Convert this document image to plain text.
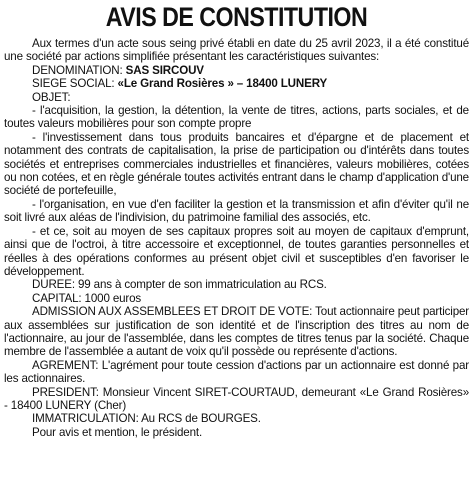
AVIS DE CONSTITUTION

Aux termes d'un acte sous seing privé établi en date du 25 avril 2023, il a été constitué une société par actions simplifiée présentant les caractéristiques suivantes:

DENOMINATION: SAS SIRCOUV

SIEGE SOCIAL: «Le Grand Rosières » – 18400 LUNERY

OBJET:

- l'acquisition, la gestion, la détention, la vente de titres, actions, parts sociales, et de toutes valeurs mobilières pour son compte propre

- l'investissement dans tous produits bancaires et d'épargne et de placement et notamment des contrats de capitalisation, la prise de participation ou d'intérêts dans toutes sociétés et entreprises commerciales industrielles et financières, valeurs mobilières, cotées ou non cotées, et en règle générale toutes activités entrant dans le champ d'application d'une société de portefeuille,

- l'organisation, en vue d'en faciliter la gestion et la transmission et afin d'éviter qu'il ne soit livré aux aléas de l'indivision, du patrimoine familial des associés, etc.

- et ce, soit au moyen de ses capitaux propres soit au moyen de capitaux d'emprunt, ainsi que de l'octroi, à titre accessoire et exceptionnel, de toutes garanties personnelles et réelles à des opérations conformes au présent objet civil et susceptibles d'en favoriser le développement.

DUREE: 99 ans à compter de son immatriculation au RCS.

CAPITAL: 1000 euros

ADMISSION AUX ASSEMBLEES ET DROIT DE VOTE: Tout actionnaire peut participer aux assemblées sur justification de son identité et de l'inscription des titres au nom de l'actionnaire, au jour de l'assemblée, dans les comptes de titres tenus par la société. Chaque membre de l'assemblée a autant de voix qu'il possède ou représente d'actions.

AGREMENT: L'agrément pour toute cession d'actions par un actionnaire est donné par les actionnaires.

PRESIDENT: Monsieur Vincent SIRET-COURTAUD, demeurant «Le Grand Rosières» - 18400 LUNERY (Cher)

IMMATRICULATION: Au RCS de BOURGES.

Pour avis et mention, le président.
